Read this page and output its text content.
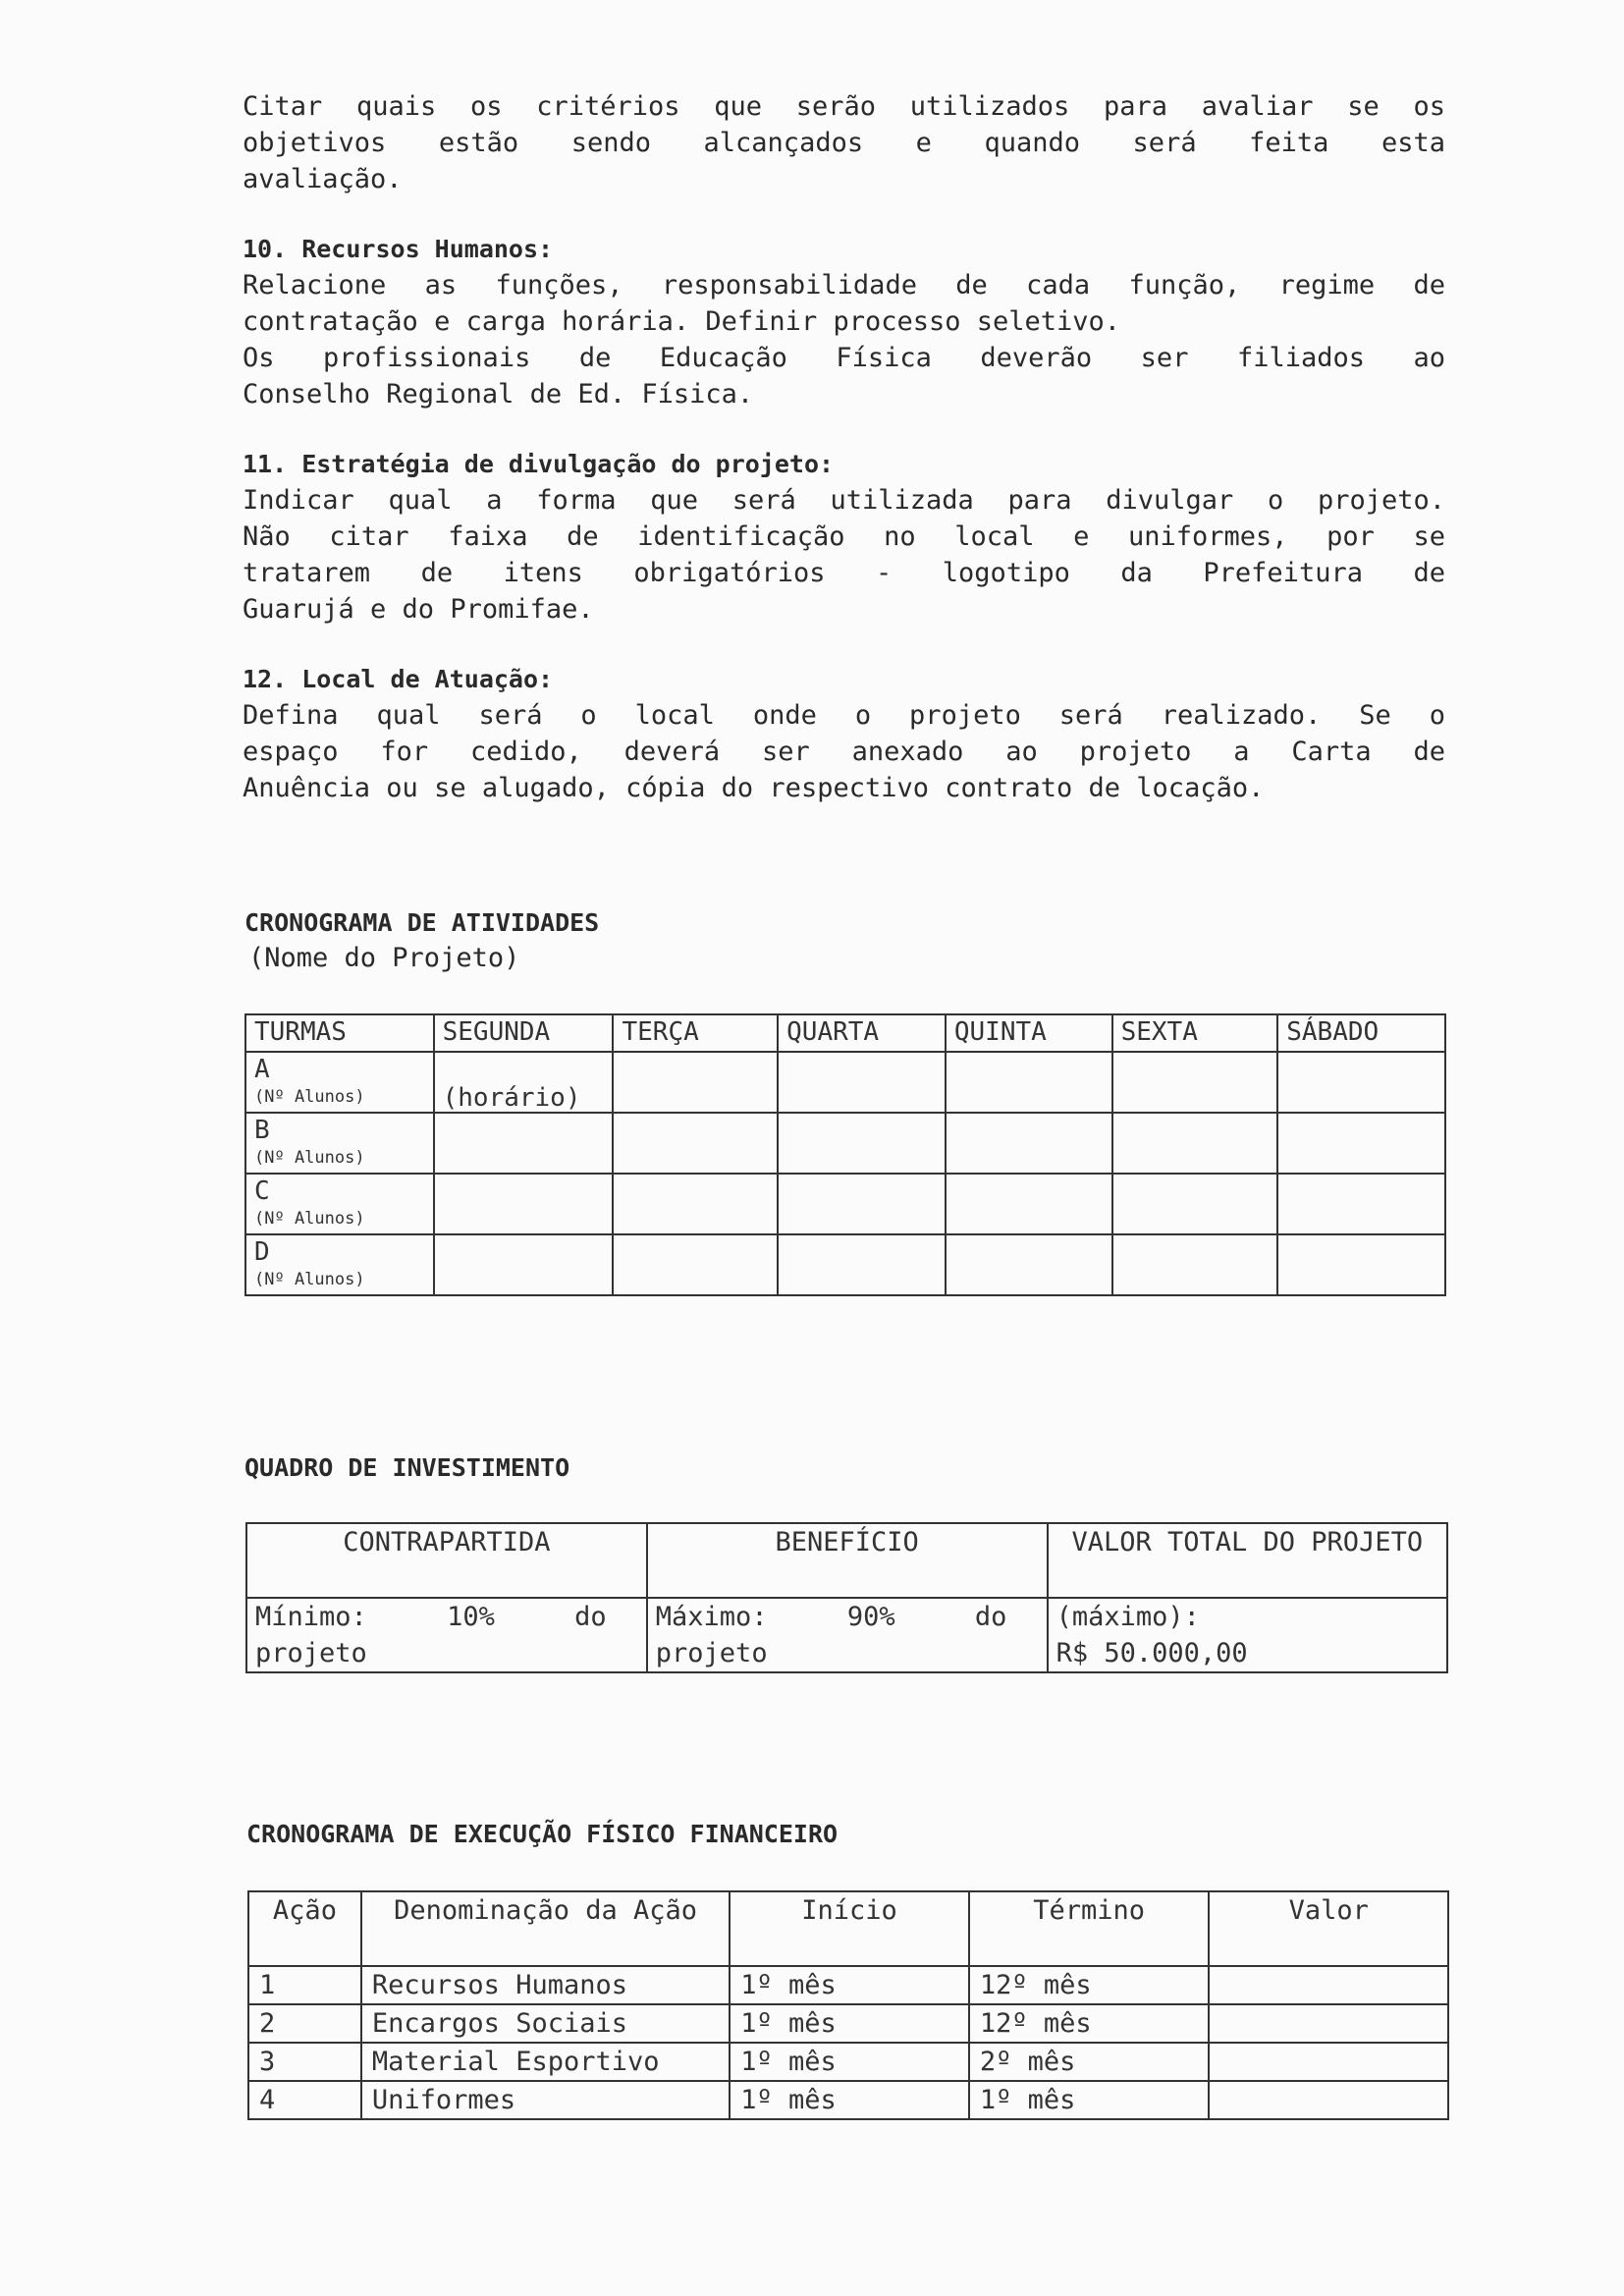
Citar quais os critérios que serão utilizados para avaliar se os
objetivos estão sendo alcançados e quando será feita esta
avaliação.

10. Recursos Humanos:

Relacione as funções, responsabilidade de cada função, regime de
contratação e carga horária. Definir processo seletivo.
Os profissionais de Educação Física deverão ser filiados ao
Conselho Regional de Ed. Física.

11. Estratégia de divulgação do projeto:

Indicar qual a forma que será utilizada para divulgar o projeto.
Não citar faixa de identificação no local e uniformes, por se
tratarem de itens obrigatórios - logotipo da Prefeitura de
Guarujá e do Promifae.

12. Local de Atuação:

Defina qual será o local onde o projeto será realizado. Se o
espaço for cedido, deverá ser anexado ao projeto a Carta de
Anuência ou se alugado, cópia do respectivo contrato de locação.

CRONOGRAMA DE ATIVIDADES
(Nome do Projeto)
TURMAS	SEGUNDA	TERÇA	QUARTA	QUINTA	SEXTA	SÁBADO
A
(Nº Alunos)	(horário)					

B
(Nº Alunos)						

C
(Nº Alunos)						

D
(Nº Alunos)						

QUADRO DE INVESTIMENTO
CONTRAPARTIDA	BENEFÍCIO	VALOR TOTAL DO PROJETO

Mínimo:     10%     do
projeto	Máximo:     90%     do
projeto	(máximo):
R$ 50.000,00
CRONOGRAMA DE EXECUÇÃO FÍSICO FINANCEIRO
Ação	Denominação da Ação	Início	Término	Valor
1	Recursos Humanos	1º mês	12º mês	
2	Encargos Sociais	1º mês	12º mês	
3	Material Esportivo	1º mês	2º mês	
4	Uniformes	1º mês	1º mês	
